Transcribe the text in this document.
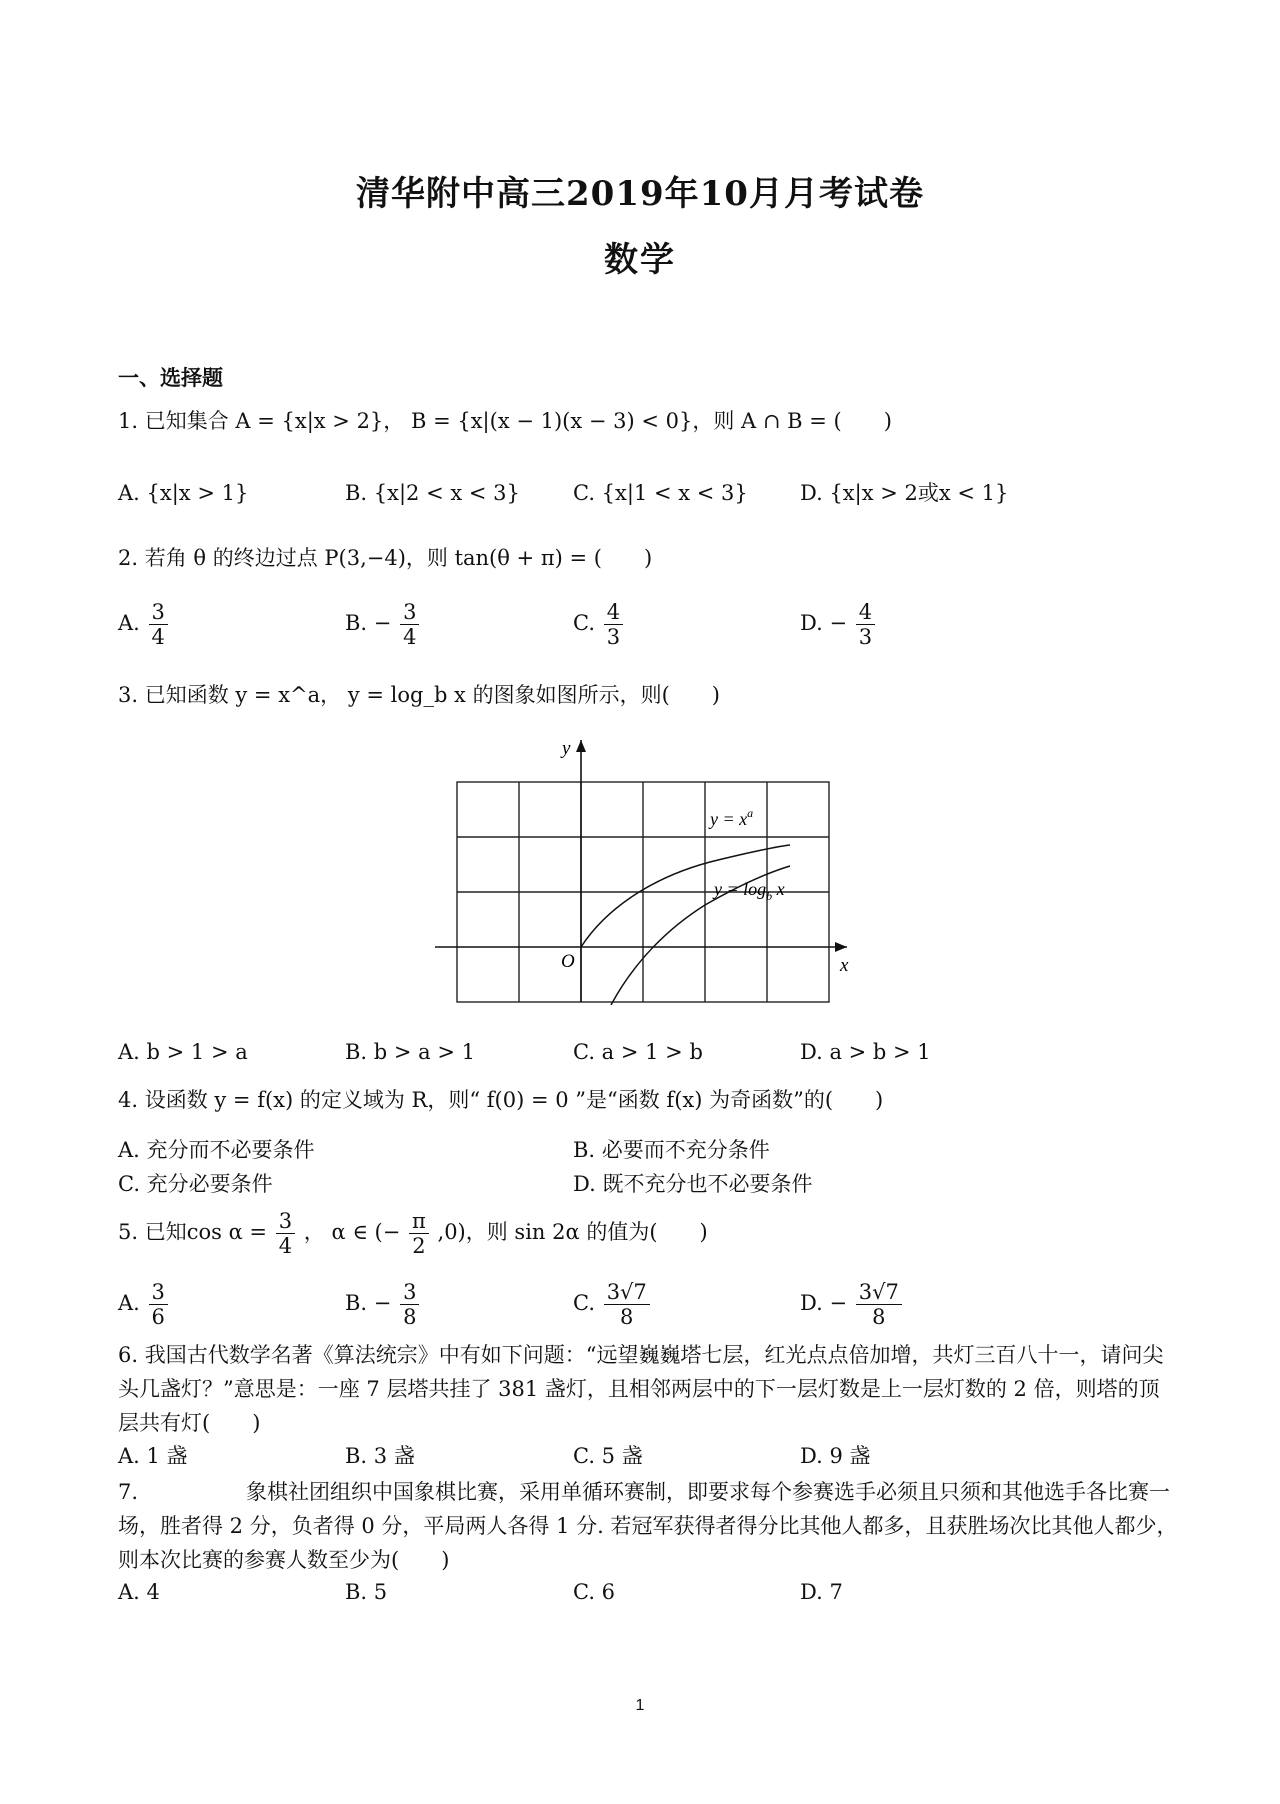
清华附中高三2019年10月月考试卷
数学
一、选择题
1. 已知集合 A = {x|x > 2}， B = {x|(x − 1)(x − 3) < 0}，则 A ∩ B = (　　)
A. {x|x > 1}	B. {x|2 < x < 3}	C. {x|1 < x < 3} D. {x|x > 2或x < 1}
2. 若角 θ 的终边过点 P(3,−4)，则 tan(θ + π) = (　　)
A. $\frac{3}{4}$	B. − $\frac{3}{4}$	C. $\frac{4}{3}$	D. − $\frac{4}{3}$
3. 已知函数 y = x^a， y = log_b x 的图象如图所示，则(　　)
y
x
O
$y = x^a$
$y = \log_b x$
A. b > 1 > a	B. b > a > 1	C. a > 1 > b	D. a > b > 1
4. 设函数 y = f(x) 的定义域为 R，则“ f(0) = 0 ”是“函数 f(x) 为奇函数”的(　　)
A. 充分而不必要条件	B. 必要而不充分条件
C. 充分必要条件	D. 既不充分也不必要条件
5. 已知$\cos \alpha = \frac{3}{4}$ ， α ∈ (− $\frac{\pi}{2} ,0$)，则 sin 2α 的值为(　　)
A. $\frac{3}{6}$	B. − $\frac{3}{8}$	C. $\frac{3√7}{8}$	D. − $\frac{3√7}{8}$
6. 我国古代数学名著《算法统宗》中有如下问题：“远望巍巍塔七层，红光点点倍加增，共灯三百八十一，请问尖头几盏灯？”意思是：一座 7 层塔共挂了 381 盏灯，且相邻两层中的下一层灯数是上一层灯数的 2 倍，则塔的顶层共有灯(　　)
A. 1 盏	B. 3 盏	C. 5 盏	D. 9 盏
7.	象棋社团组织中国象棋比赛，采用单循环赛制，即要求每个参赛选手必须且只须和其他选手各比赛一场，胜者得 2 分，负者得 0 分，平局两人各得 1 分. 若冠军获得者得分比其他人都多，且获胜场次比其他人都少，则本次比赛的参赛人数至少为(　　)
A. 4	B. 5	C. 6	D. 7
1
